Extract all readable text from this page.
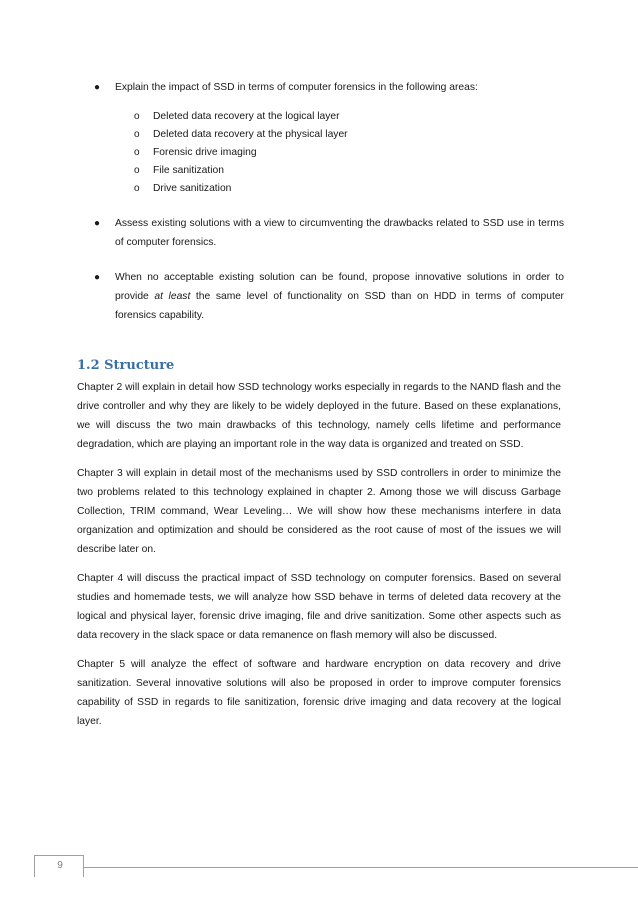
● Explain the impact of SSD in terms of computer forensics in the following areas:
o Deleted data recovery at the logical layer
o Deleted data recovery at the physical layer
o Forensic drive imaging
o File sanitization
o Drive sanitization
● Assess existing solutions with a view to circumventing the drawbacks related to SSD use in terms of computer forensics.
● When no acceptable existing solution can be found, propose innovative solutions in order to provide at least the same level of functionality on SSD than on HDD in terms of computer forensics capability.
1.2 Structure

Chapter 2 will explain in detail how SSD technology works especially in regards to the NAND flash and the drive controller and why they are likely to be widely deployed in the future. Based on these explanations, we will discuss the two main drawbacks of this technology, namely cells lifetime and performance degradation, which are playing an important role in the way data is organized and treated on SSD.

Chapter 3 will explain in detail most of the mechanisms used by SSD controllers in order to minimize the two problems related to this technology explained in chapter 2. Among those we will discuss Garbage Collection, TRIM command, Wear Leveling… We will show how these mechanisms interfere in data organization and optimization and should be considered as the root cause of most of the issues we will describe later on.

Chapter 4 will discuss the practical impact of SSD technology on computer forensics. Based on several studies and homemade tests, we will analyze how SSD behave in terms of deleted data recovery at the logical and physical layer, forensic drive imaging, file and drive sanitization. Some other aspects such as data recovery in the slack space or data remanence on flash memory will also be discussed.

Chapter 5 will analyze the effect of software and hardware encryption on data recovery and drive sanitization. Several innovative solutions will also be proposed in order to improve computer forensics capability of SSD in regards to file sanitization, forensic drive imaging and data recovery at the logical layer.

9
